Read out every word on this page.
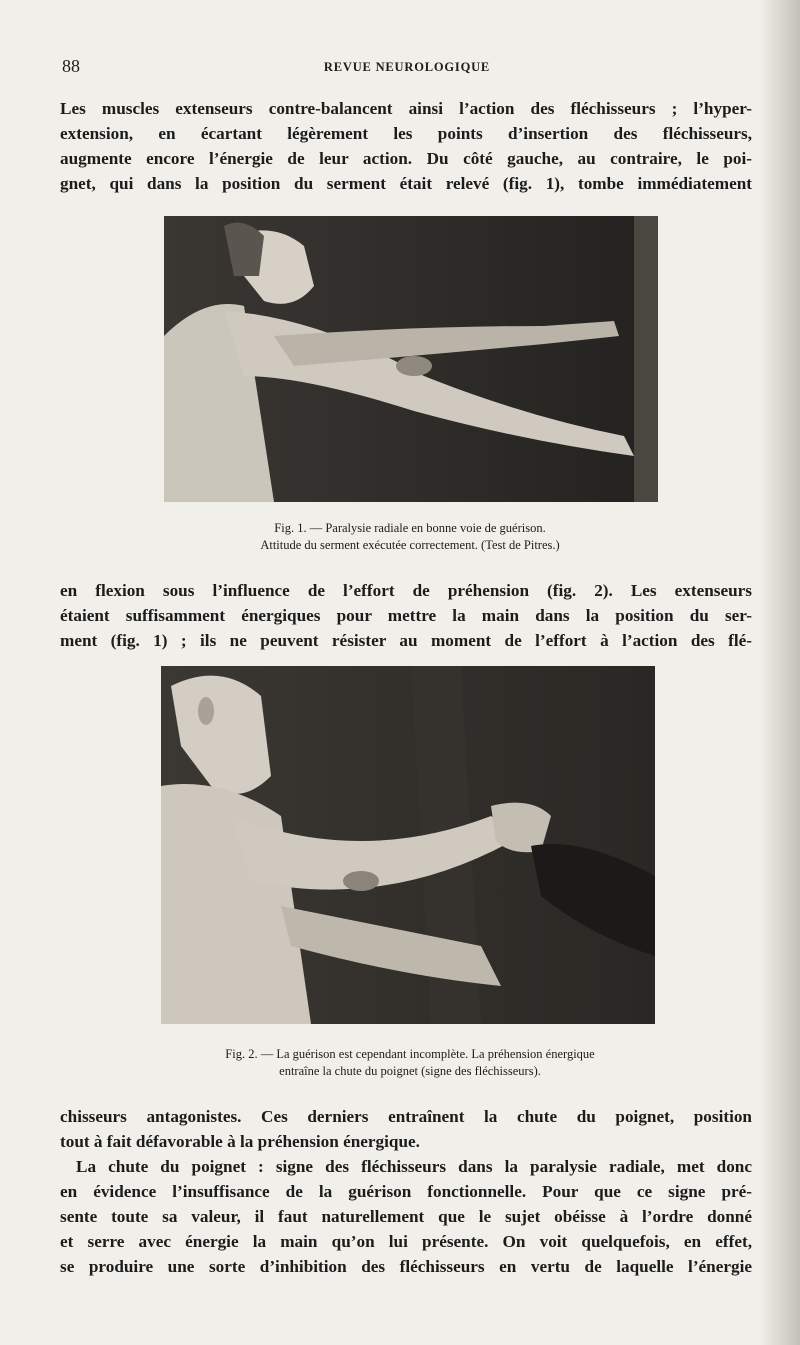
88	REVUE NEUROLOGIQUE
Les muscles extenseurs contre-balancent ainsi l’action des fléchisseurs ; l’hyper-
extension, en écartant légèrement les points d’insertion des fléchisseurs,
augmente encore l’énergie de leur action. Du côté gauche, au contraire, le poi-
gnet, qui dans la position du serment était relevé (fig. 1), tombe immédiatement
Fig. 1. — Paralysie radiale en bonne voie de guérison.
Attitude du serment exécutée correctement. (Test de Pitres.)
en flexion sous l’influence de l’effort de préhension (fig. 2). Les extenseurs
étaient suffisamment énergiques pour mettre la main dans la position du ser-
ment (fig. 1) ; ils ne peuvent résister au moment de l’effort à l’action des flé-
Fig. 2. — La guérison est cependant incomplète. La préhension énergique
entraîne la chute du poignet (signe des fléchisseurs).
chisseurs antagonistes. Ces derniers entraînent la chute du poignet, position
tout à fait défavorable à la préhension énergique.
La chute du poignet : signe des fléchisseurs dans la paralysie radiale, met donc
en évidence l’insuffisance de la guérison fonctionnelle. Pour que ce signe pré-
sente toute sa valeur, il faut naturellement que le sujet obéisse à l’ordre donné
et serre avec énergie la main qu’on lui présente. On voit quelquefois, en effet,
se produire une sorte d’inhibition des fléchisseurs en vertu de laquelle l’énergie
